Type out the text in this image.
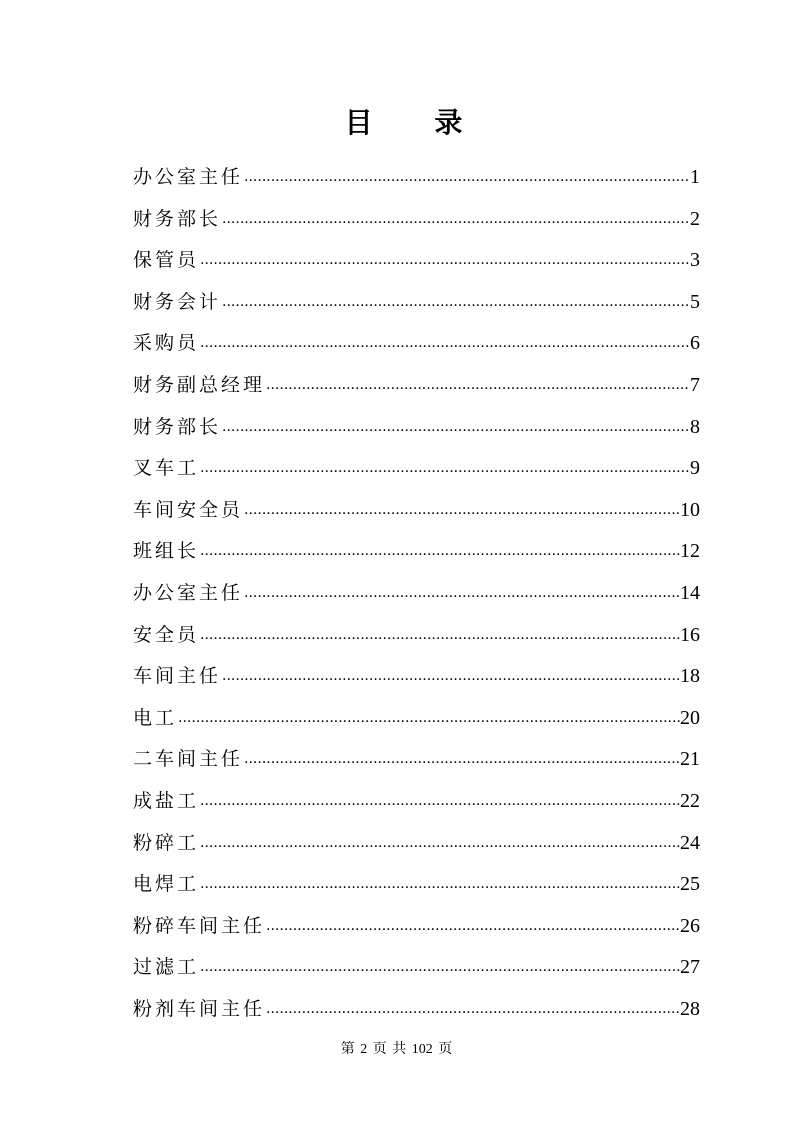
目 录
办公室主任 .....	1
财务部长 .....	2
保管员 .....	3
财务会计 .....	5
采购员 .....	6
财务副总经理 .....	7
财务部长 .....	8
叉车工 .....	9
车间安全员 .....	10
班组长 .....	12
办公室主任 .....	14
安全员 .....	16
车间主任 .....	18
电工 .....	20
二车间主任 .....	21
成盐工 .....	22
粉碎工 .....	24
电焊工 .....	25
粉碎车间主任 .....	26
过滤工 .....	27
粉剂车间主任 .....	28
第 2 页 共 102 页
